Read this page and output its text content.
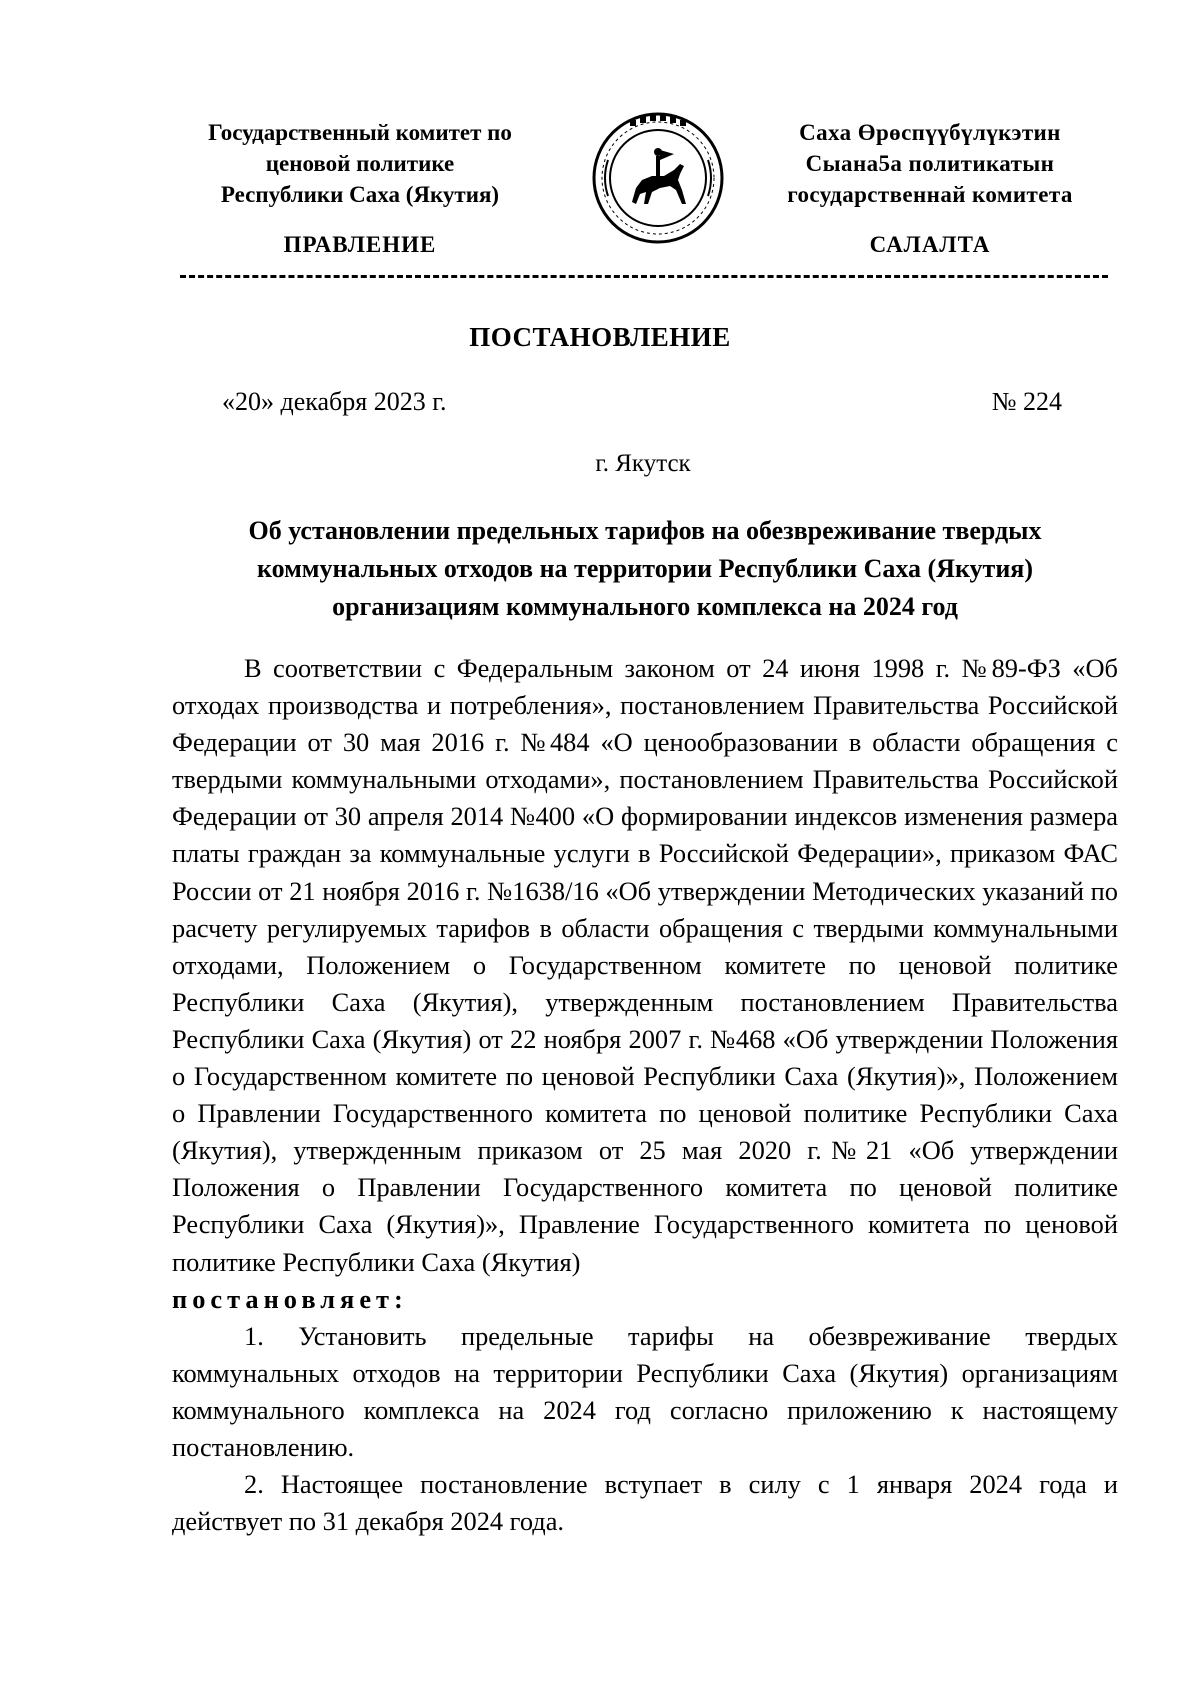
Государственный комитет по
ценовой политике
Республики Саха (Якутия)
Саха Өрөспүүбүлүкэтин
Сыана5а политикатын
государственнай комитета
ПРАВЛЕНИЕ	САЛАЛТА
ПОСТАНОВЛЕНИЕ
«20» декабря 2023 г.	№ 224
г. Якутск
Об установлении предельных тарифов на обезвреживание твердых
коммунальных отходов на территории Республики Саха (Якутия)
организациям коммунального комплекса на 2024 год

В соответствии с Федеральным законом от 24 июня 1998 г. №89-ФЗ «Об отходах производства и потребления», постановлением Правительства Российской Федерации от 30 мая 2016 г. №484 «О ценообразовании в области обращения с твердыми коммунальными отходами», постановлением Правительства Российской Федерации от 30 апреля 2014 №400 «О формировании индексов изменения размера платы граждан за коммунальные услуги в Российской Федерации», приказом ФАС России от 21 ноября 2016 г. №1638/16 «Об утверждении Методических указаний по расчету регулируемых тарифов в области обращения с твердыми коммунальными отходами, Положением о Государственном комитете по ценовой политике Республики Саха (Якутия), утвержденным постановлением Правительства Республики Саха (Якутия) от 22 ноября 2007 г. №468 «Об утверждении Положения о Государственном комитете по ценовой Республики Саха (Якутия)», Положением о Правлении Государственного комитета по ценовой политике Республики Саха (Якутия), утвержденным приказом от 25 мая 2020 г.№21 «Об утверждении Положения о Правлении Государственного комитета по ценовой политике Республики Саха (Якутия)», Правление Государственного комитета по ценовой политике Республики Саха (Якутия)

постановляет:

1. Установить предельные тарифы на обезвреживание твердых коммунальных отходов на территории Республики Саха (Якутия) организациям коммунального комплекса на 2024 год согласно приложению к настоящему постановлению.

2. Настоящее постановление вступает в силу с 1 января 2024 года и действует по 31 декабря 2024 года.
